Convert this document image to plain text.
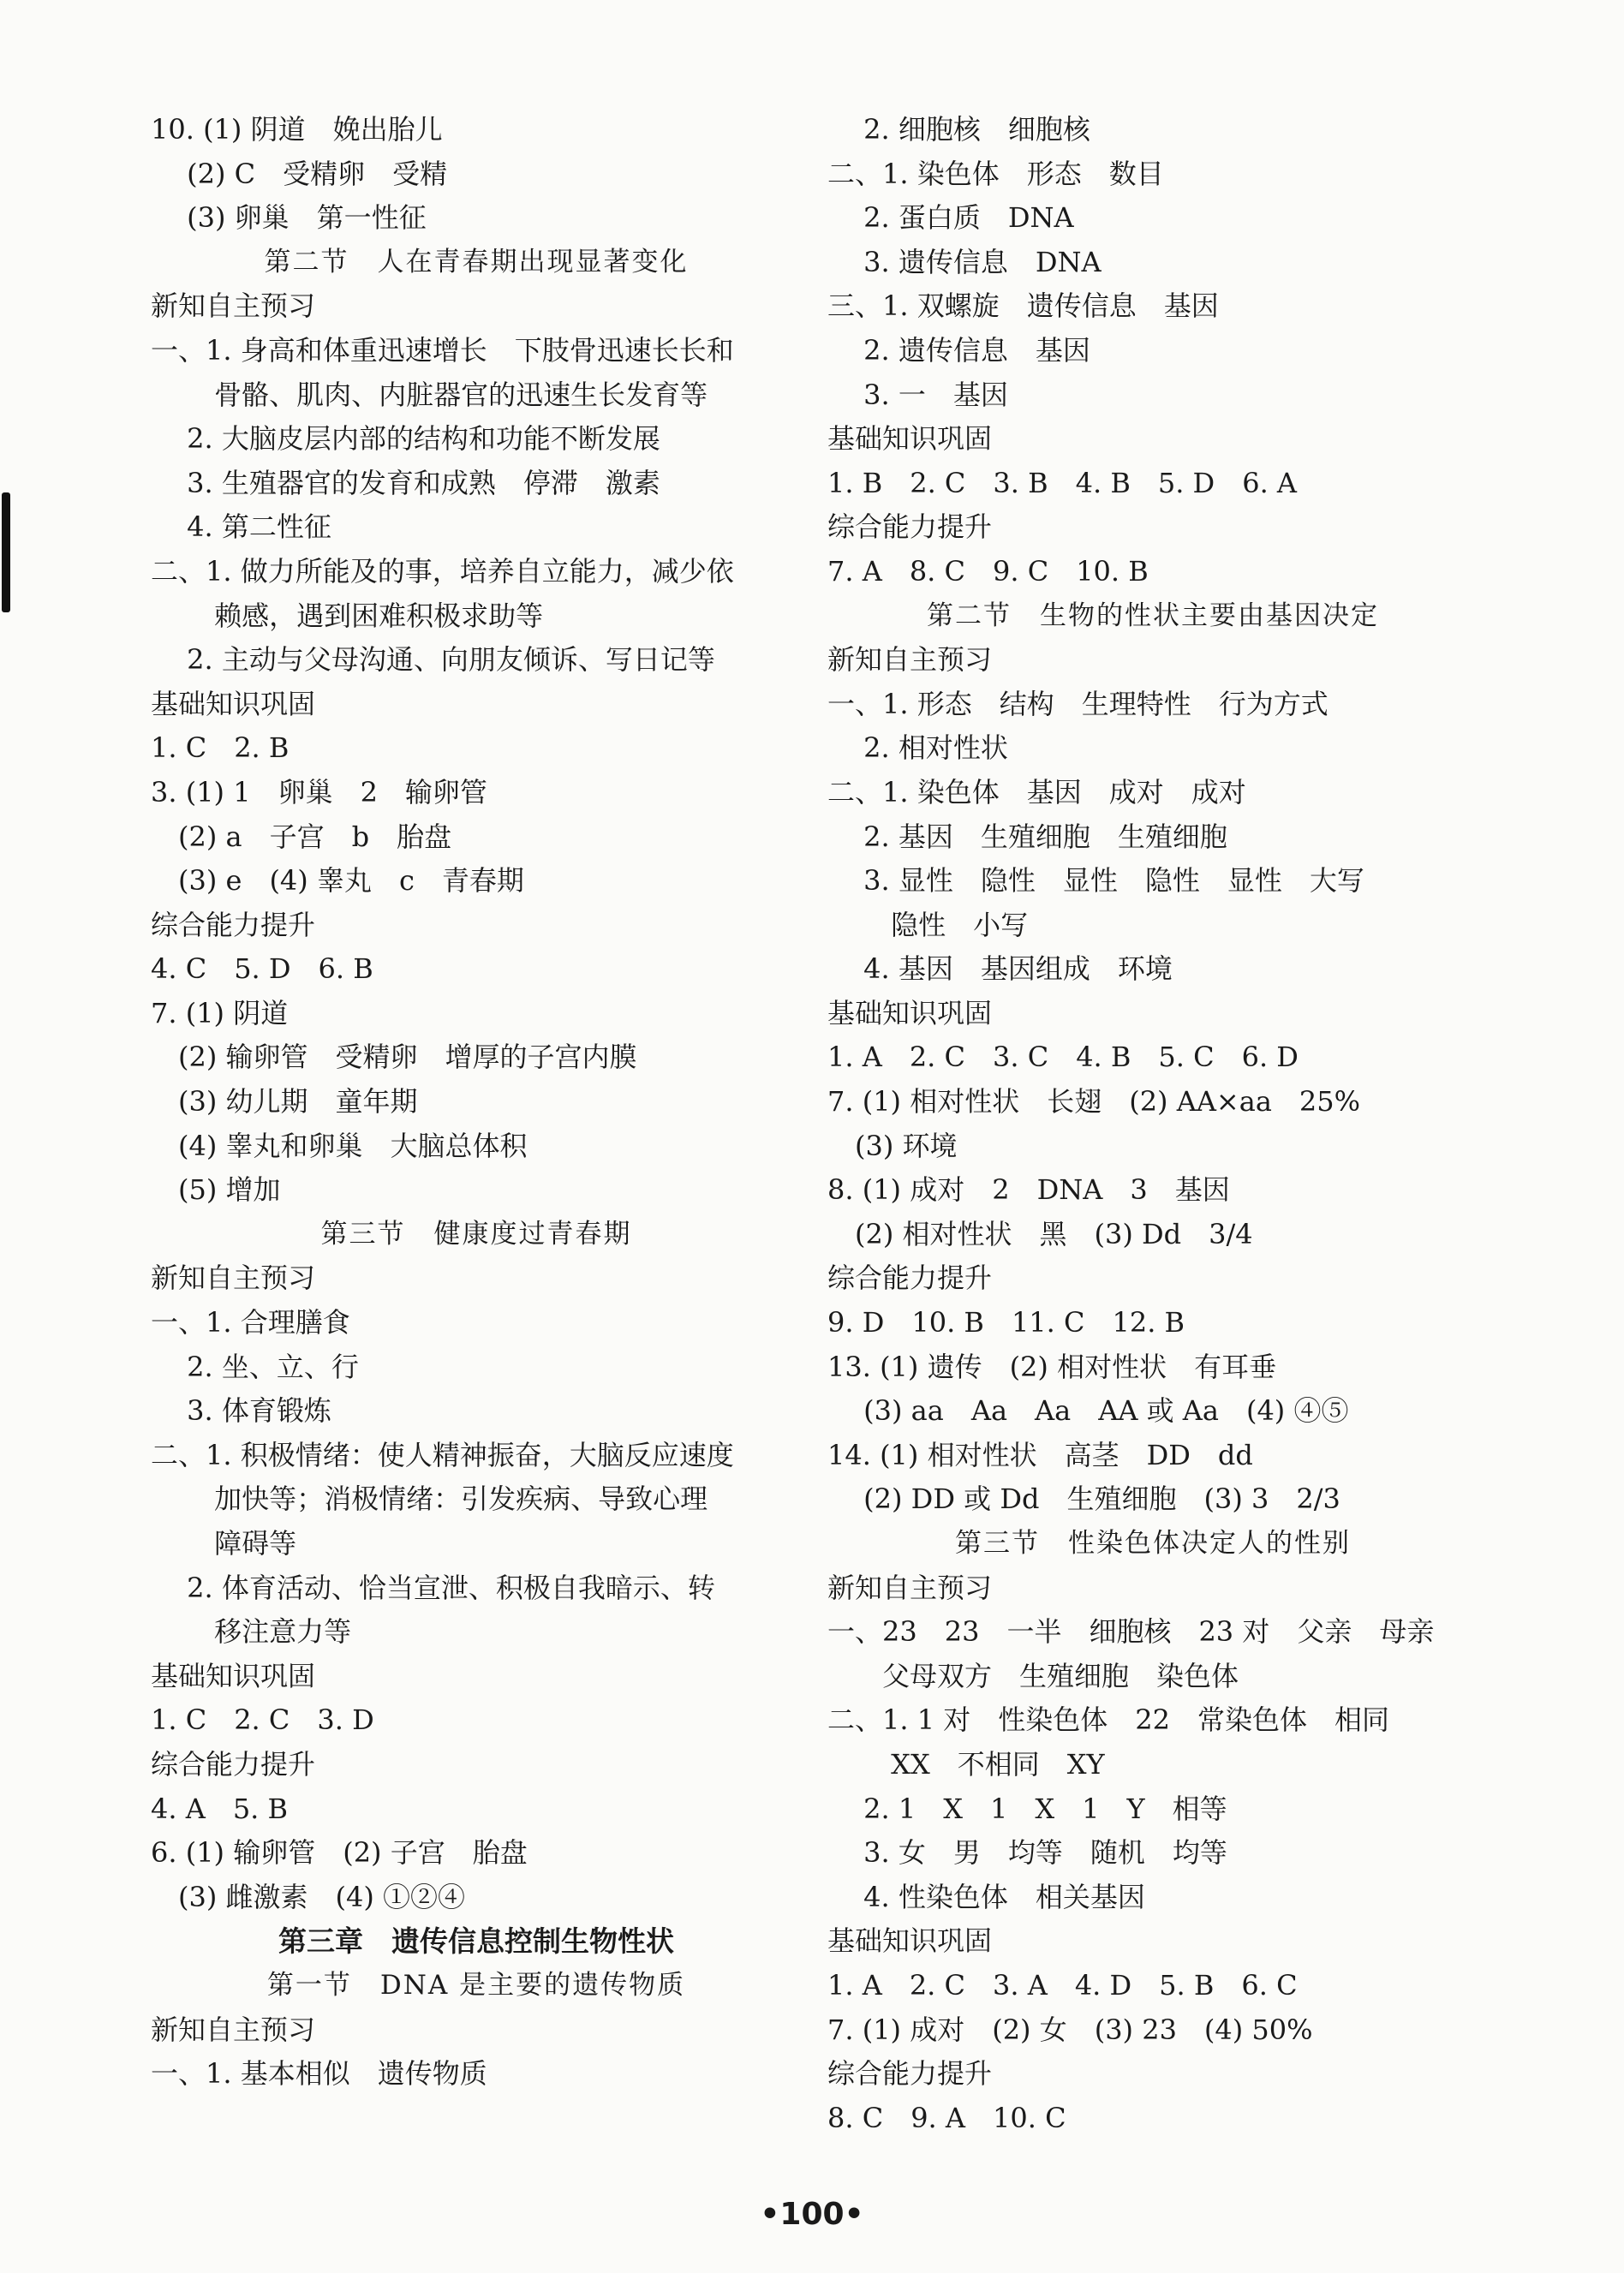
10. (1) 阴道　娩出胎儿
　 (2) C　受精卵　受精
　 (3) 卵巢　第一性征
第二节　人在青春期出现显著变化
新知自主预习
一、1. 身高和体重迅速增长　下肢骨迅速长长和
　　 骨骼、肌肉、内脏器官的迅速生长发育等
　 2. 大脑皮层内部的结构和功能不断发展
　 3. 生殖器官的发育和成熟　停滞　激素
　 4. 第二性征
二、1. 做力所能及的事，培养自立能力，减少依
　　 赖感，遇到困难积极求助等
　 2. 主动与父母沟通、向朋友倾诉、写日记等
基础知识巩固
1. C　2. B
3. (1) 1　卵巢　2　输卵管
　(2) a　子宫　b　胎盘
　(3) e　(4) 睾丸　c　青春期
综合能力提升
4. C　5. D　6. B
7. (1) 阴道
　(2) 输卵管　受精卵　增厚的子宫内膜
　(3) 幼儿期　童年期
　(4) 睾丸和卵巢　大脑总体积
　(5) 增加
第三节　健康度过青春期
新知自主预习
一、1. 合理膳食
　 2. 坐、立、行
　 3. 体育锻炼
二、1. 积极情绪：使人精神振奋，大脑反应速度
　　 加快等；消极情绪：引发疾病、导致心理
　　 障碍等
　 2. 体育活动、恰当宣泄、积极自我暗示、转
　　 移注意力等
基础知识巩固
1. C　2. C　3. D
综合能力提升
4. A　5. B
6. (1) 输卵管　(2) 子宫　胎盘
　(3) 雌激素　(4) ①②④
第三章　遗传信息控制生物性状
第一节　DNA 是主要的遗传物质
新知自主预习
一、1. 基本相似　遗传物质
　 2. 细胞核　细胞核
二、1. 染色体　形态　数目
　 2. 蛋白质　DNA
　 3. 遗传信息　DNA
三、1. 双螺旋　遗传信息　基因
　 2. 遗传信息　基因
　 3. 一　基因
基础知识巩固
1. B　2. C　3. B　4. B　5. D　6. A
综合能力提升
7. A　8. C　9. C　10. B
第二节　生物的性状主要由基因决定
新知自主预习
一、1. 形态　结构　生理特性　行为方式
　 2. 相对性状
二、1. 染色体　基因　成对　成对
　 2. 基因　生殖细胞　生殖细胞
　 3. 显性　隐性　显性　隐性　显性　大写
　　 隐性　小写
　 4. 基因　基因组成　环境
基础知识巩固
1. A　2. C　3. C　4. B　5. C　6. D
7. (1) 相对性状　长翅　(2) AA×aa　25%
　(3) 环境
8. (1) 成对　2　DNA　3　基因
　(2) 相对性状　黑　(3) Dd　3/4
综合能力提升
9. D　10. B　11. C　12. B
13. (1) 遗传　(2) 相对性状　有耳垂
　 (3) aa　Aa　Aa　AA 或 Aa　(4) ④⑤
14. (1) 相对性状　高茎　DD　dd
　 (2) DD 或 Dd　生殖细胞　(3) 3　2/3
第三节　性染色体决定人的性别
新知自主预习
一、23　23　一半　细胞核　23 对　父亲　母亲
　　父母双方　生殖细胞　染色体
二、1. 1 对　性染色体　22　常染色体　相同
　　 XX　不相同　XY
　 2. 1　X　1　X　1　Y　相等
　 3. 女　男　均等　随机　均等
　 4. 性染色体　相关基因
基础知识巩固
1. A　2. C　3. A　4. D　5. B　6. C
7. (1) 成对　(2) 女　(3) 23　(4) 50%
综合能力提升
8. C　9. A　10. C
•100•
